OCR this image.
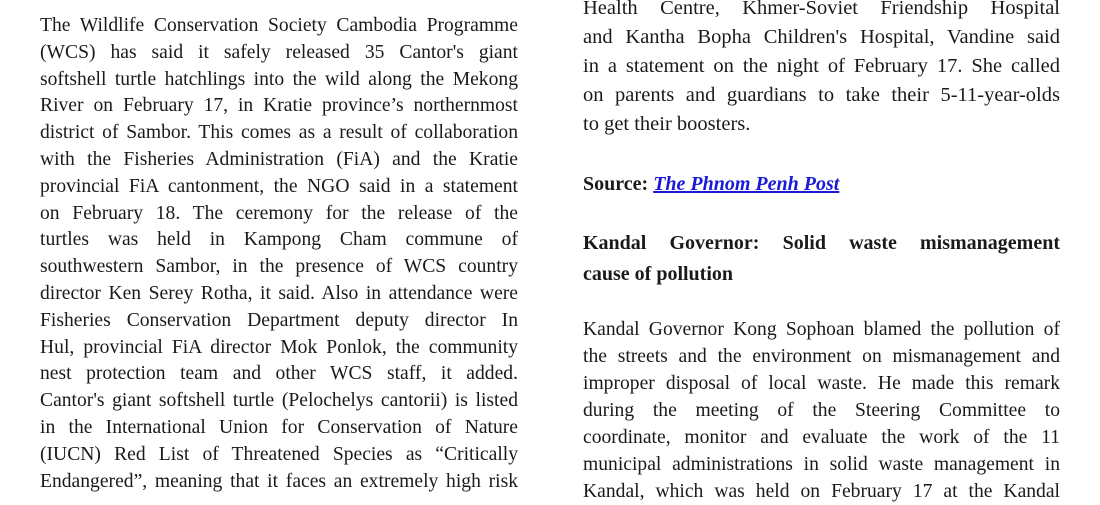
The Wildlife Conservation Society Cambodia Programme
(WCS) has said it safely released 35 Cantor's giant
softshell turtle hatchlings into the wild along the Mekong
River on February 17, in Kratie province’s northernmost
district of Sambor. This comes as a result of collaboration
with the Fisheries Administration (FiA) and the Kratie
provincial FiA cantonment, the NGO said in a statement
on February 18. The ceremony for the release of the
turtles was held in Kampong Cham commune of
southwestern Sambor, in the presence of WCS country
director Ken Serey Rotha, it said. Also in attendance were
Fisheries Conservation Department deputy director In
Hul, provincial FiA director Mok Ponlok, the community
nest protection team and other WCS staff, it added.
Cantor's giant softshell turtle (Pelochelys cantorii) is listed
in the International Union for Conservation of Nature
(IUCN) Red List of Threatened Species as “Critically
Endangered”, meaning that it faces an extremely high risk
Health Centre, Khmer-Soviet Friendship Hospital
and Kantha Bopha Children's Hospital, Vandine said
in a statement on the night of February 17. She called
on parents and guardians to take their 5-11-year-olds
to get their boosters.
Source: The Phnom Penh Post
Kandal Governor: Solid waste mismanagement
cause of pollution
Kandal Governor Kong Sophoan blamed the pollution of
the streets and the environment on mismanagement and
improper disposal of local waste. He made this remark
during the meeting of the Steering Committee to
coordinate, monitor and evaluate the work of the 11
municipal administrations in solid waste management in
Kandal, which was held on February 17 at the Kandal
